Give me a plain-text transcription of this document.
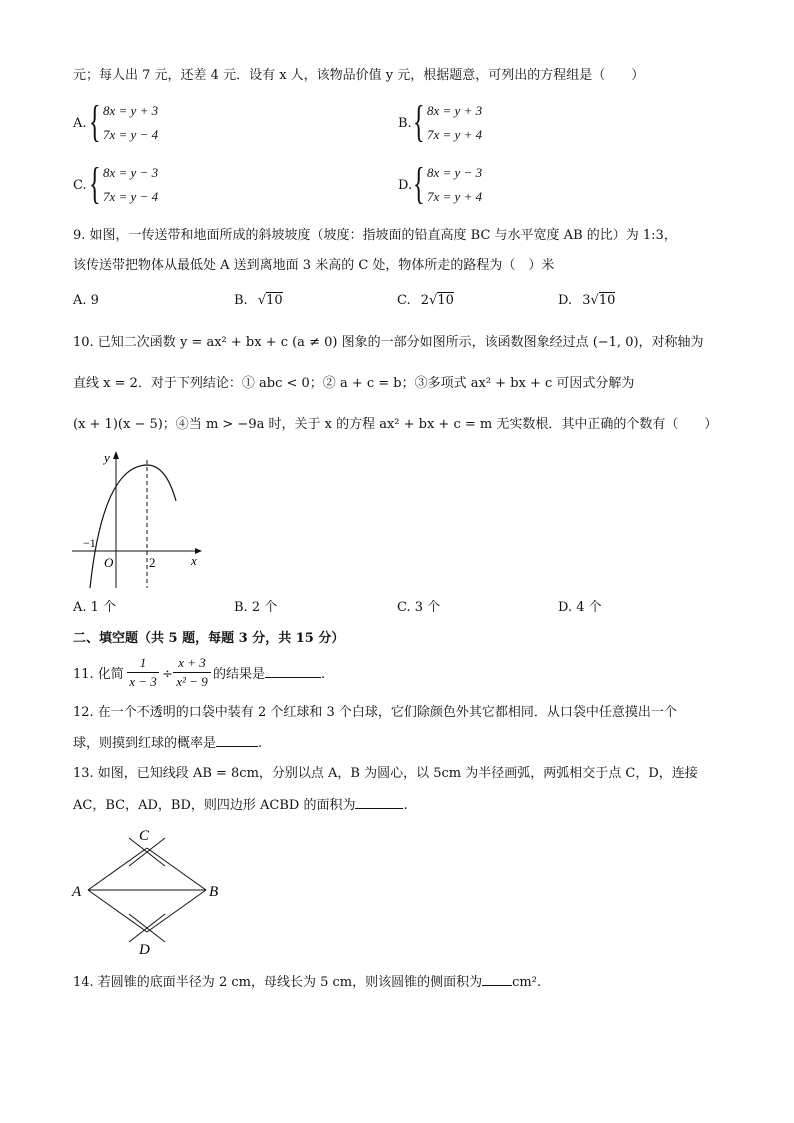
元；每人出 7 元，还差 4 元．设有 x 人，该物品价值 y 元，根据题意，可列出的方程组是（　　）
A. { 8x = y + 3
7x = y − 4
B. { 8x = y + 3
7x = y + 4
C. { 8x = y − 3
7x = y − 4
D. { 8x = y − 3
7x = y + 4
9. 如图，一传送带和地面所成的斜坡坡度（坡度：指坡面的铅直高度 BC 与水平宽度 AB 的比）为 1:3，
该传送带把物体从最低处 A 送到离地面 3 米高的 C 处，物体所走的路程为（　）米
A. 9	B. √10	C. 2√10	D. 3√10
10. 已知二次函数 y = ax² + bx + c (a ≠ 0) 图象的一部分如图所示，该函数图象经过点 (−1, 0)，对称轴为
直线 x = 2．对于下列结论：① abc < 0；② a + c = b；③多项式 ax² + bx + c 可因式分解为
(x + 1)(x − 5)；④当 m > −9a 时，关于 x 的方程 ax² + bx + c = m 无实数根．其中正确的个数有（　　）
y
x
O
−1
2
A. 1 个	B. 2 个	C. 3 个	D. 4 个
二、填空题（共 5 题，每题 3 分，共 15 分）
11. 化简
1
x − 3 ÷
x + 3
x² − 9 的结果是	.
12. 在一个不透明的口袋中装有 2 个红球和 3 个白球，它们除颜色外其它都相同．从口袋中任意摸出一个
球，则摸到红球的概率是	.
13. 如图，已知线段 AB = 8cm，分别以点 A，B 为圆心，以 5cm 为半径画弧，两弧相交于点 C，D，连接
AC，BC，AD，BD，则四边形 ACBD 的面积为	.
C
A	B
D
14. 若圆锥的底面半径为 2 cm，母线长为 5 cm，则该圆锥的侧面积为 cm².
